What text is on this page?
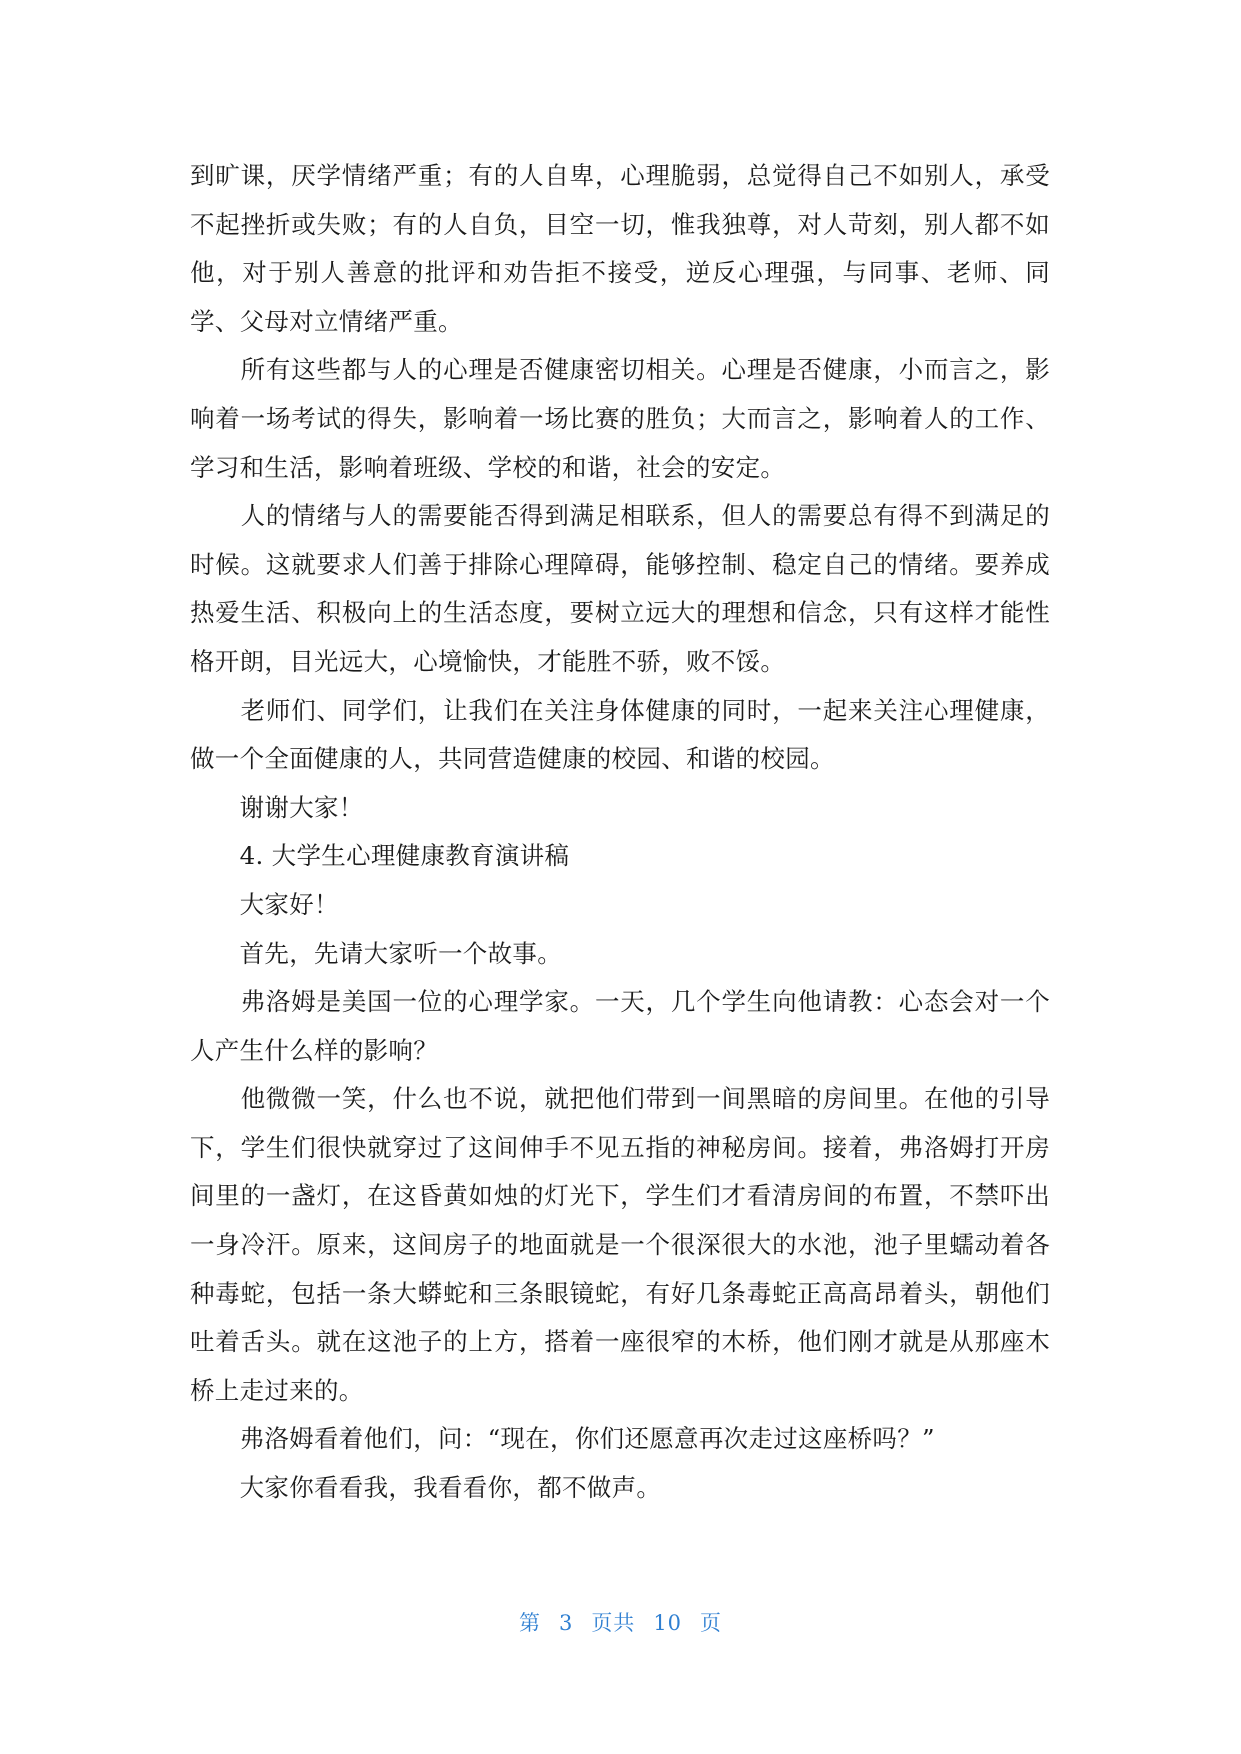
到旷课，厌学情绪严重；有的人自卑，心理脆弱，总觉得自己不如别人，承受不起挫折或失败；有的人自负，目空一切，惟我独尊，对人苛刻，别人都不如他，对于别人善意的批评和劝告拒不接受，逆反心理强，与同事、老师、同学、父母对立情绪严重。

　　所有这些都与人的心理是否健康密切相关。心理是否健康，小而言之，影响着一场考试的得失，影响着一场比赛的胜负；大而言之，影响着人的工作、学习和生活，影响着班级、学校的和谐，社会的安定。

　　人的情绪与人的需要能否得到满足相联系，但人的需要总有得不到满足的时候。这就要求人们善于排除心理障碍，能够控制、稳定自己的情绪。要养成热爱生活、积极向上的生活态度，要树立远大的理想和信念，只有这样才能性格开朗，目光远大，心境愉快，才能胜不骄，败不馁。

　　老师们、同学们，让我们在关注身体健康的同时，一起来关注心理健康，做一个全面健康的人，共同营造健康的校园、和谐的校园。

　　谢谢大家！

　　4. 大学生心理健康教育演讲稿

　　大家好！

　　首先，先请大家听一个故事。

　　弗洛姆是美国一位的心理学家。一天，几个学生向他请教：心态会对一个人产生什么样的影响？

　　他微微一笑，什么也不说，就把他们带到一间黑暗的房间里。在他的引导下，学生们很快就穿过了这间伸手不见五指的神秘房间。接着，弗洛姆打开房间里的一盏灯，在这昏黄如烛的灯光下，学生们才看清房间的布置，不禁吓出一身冷汗。原来，这间房子的地面就是一个很深很大的水池，池子里蠕动着各种毒蛇，包括一条大蟒蛇和三条眼镜蛇，有好几条毒蛇正高高昂着头，朝他们吐着舌头。就在这池子的上方，搭着一座很窄的木桥，他们刚才就是从那座木桥上走过来的。

　　弗洛姆看着他们，问：“现在，你们还愿意再次走过这座桥吗？”

　　大家你看看我，我看看你，都不做声。

第 3 页共 10 页
